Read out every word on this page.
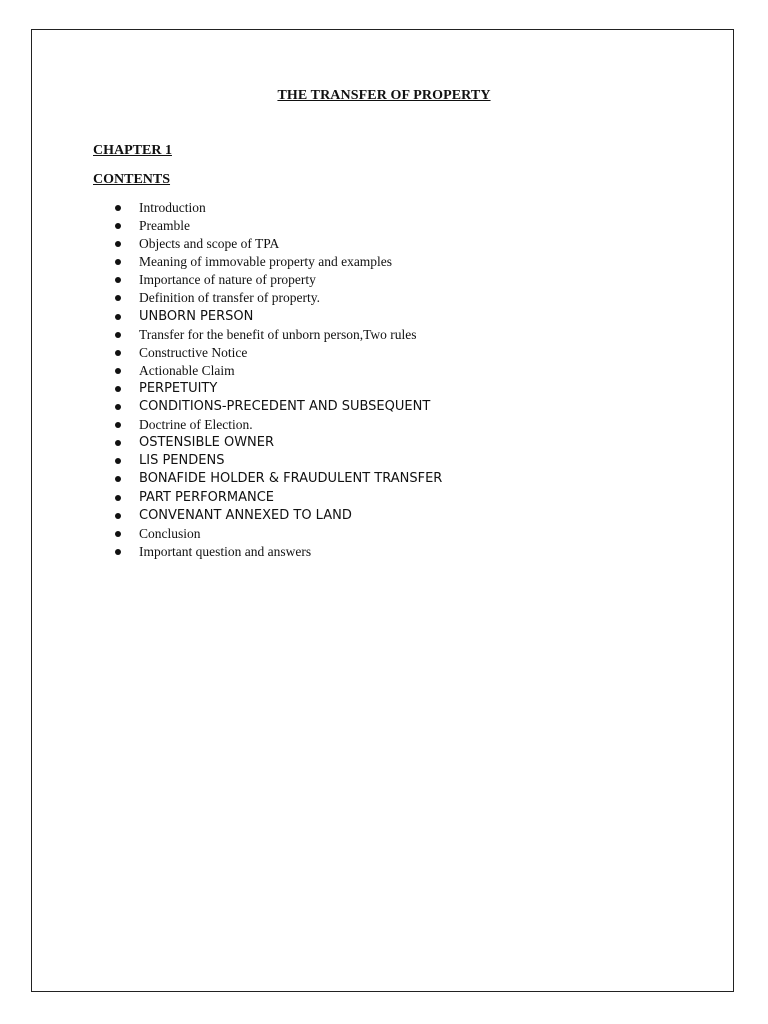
THE TRANSFER OF PROPERTY
CHAPTER 1
CONTENTS
Introduction
Preamble
Objects and scope of TPA
Meaning of immovable property and examples
Importance of nature of property
Definition of transfer of property.
UNBORN PERSON
Transfer for the benefit of unborn person,Two rules
Constructive Notice
Actionable Claim
PERPETUITY
CONDITIONS-PRECEDENT AND SUBSEQUENT
Doctrine of Election.
OSTENSIBLE OWNER
LIS PENDENS
BONAFIDE HOLDER & FRAUDULENT TRANSFER
PART PERFORMANCE
CONVENANT ANNEXED TO LAND
Conclusion
Important question and answers
